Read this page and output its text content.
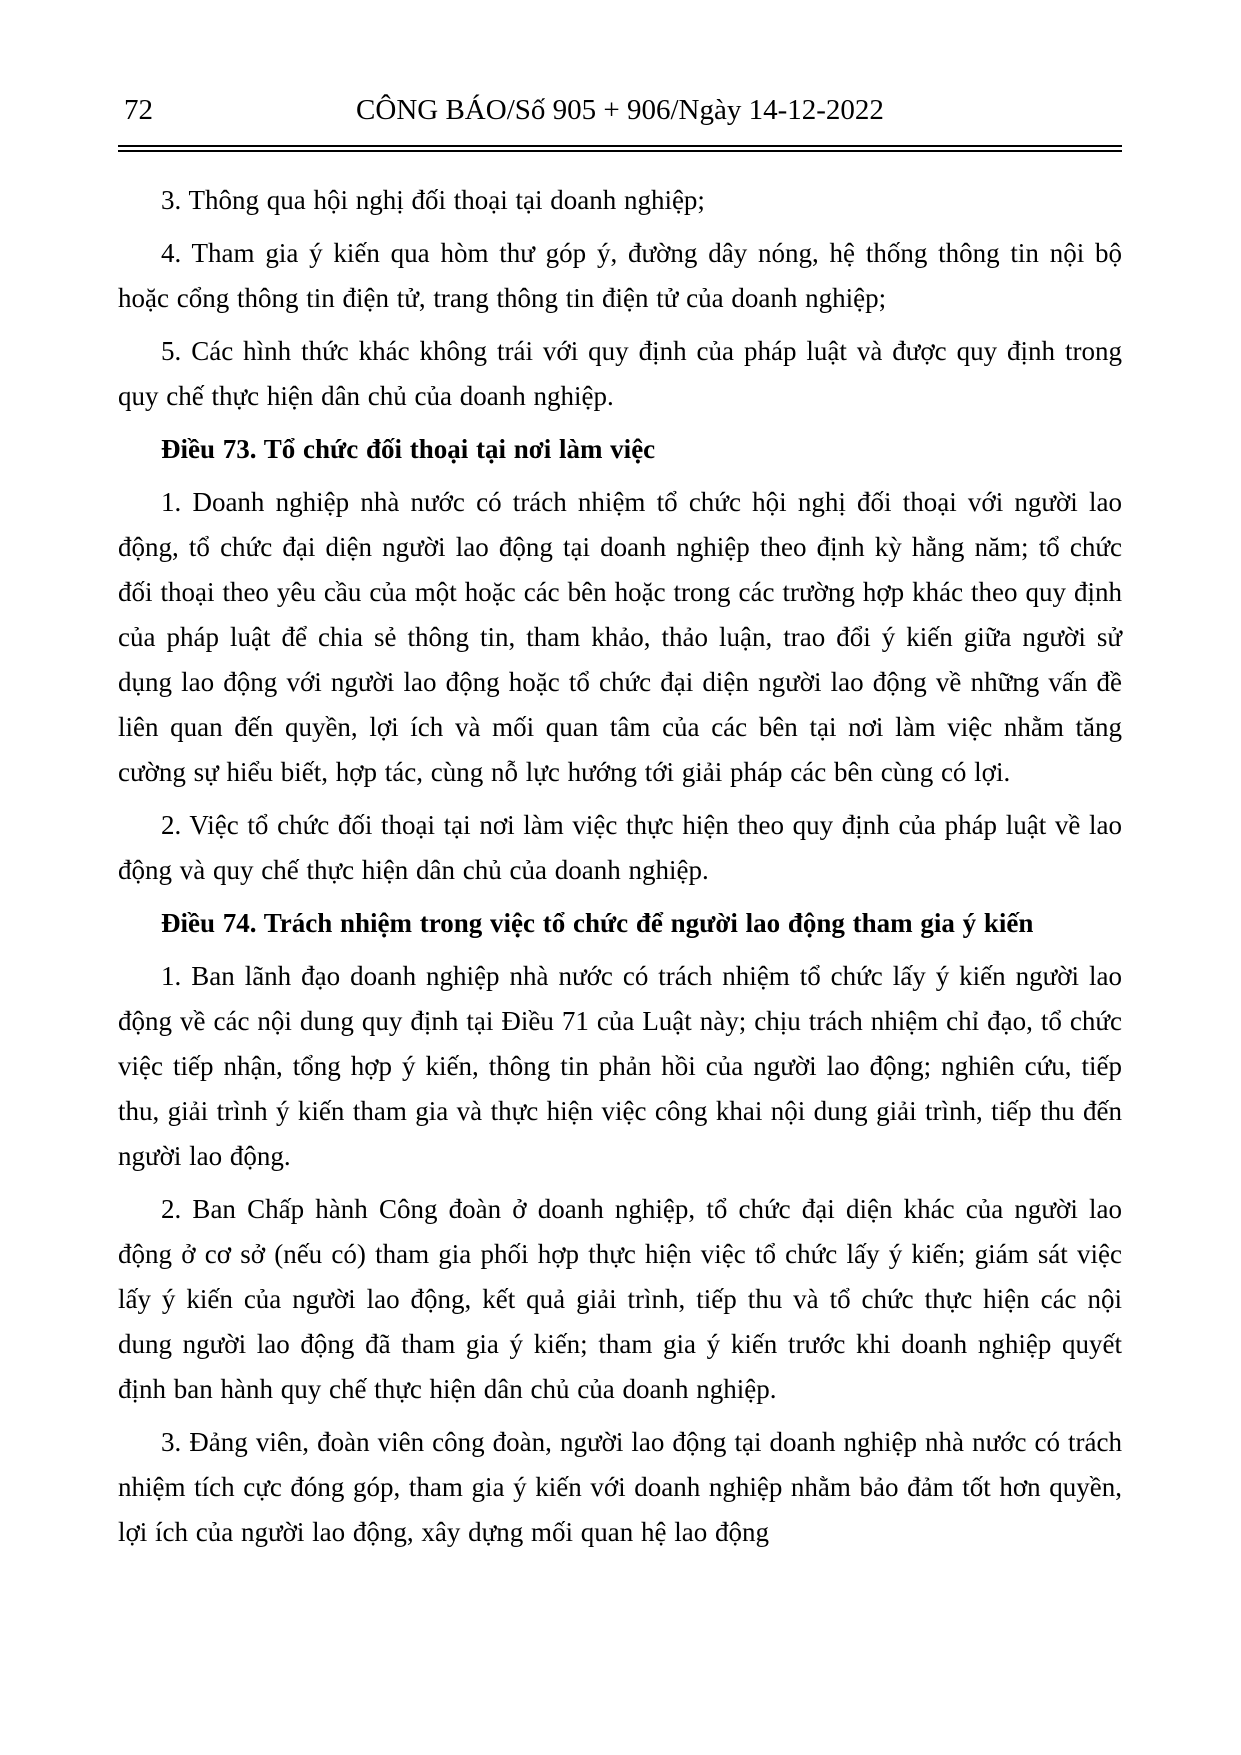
72	CÔNG BÁO/Số 905 + 906/Ngày 14-12-2022

3. Thông qua hội nghị đối thoại tại doanh nghiệp;

4. Tham gia ý kiến qua hòm thư góp ý, đường dây nóng, hệ thống thông tin nội bộ hoặc cổng thông tin điện tử, trang thông tin điện tử của doanh nghiệp;

5. Các hình thức khác không trái với quy định của pháp luật và được quy định trong quy chế thực hiện dân chủ của doanh nghiệp.

Điều 73. Tổ chức đối thoại tại nơi làm việc

1. Doanh nghiệp nhà nước có trách nhiệm tổ chức hội nghị đối thoại với người lao động, tổ chức đại diện người lao động tại doanh nghiệp theo định kỳ hằng năm; tổ chức đối thoại theo yêu cầu của một hoặc các bên hoặc trong các trường hợp khác theo quy định của pháp luật để chia sẻ thông tin, tham khảo, thảo luận, trao đổi ý kiến giữa người sử dụng lao động với người lao động hoặc tổ chức đại diện người lao động về những vấn đề liên quan đến quyền, lợi ích và mối quan tâm của các bên tại nơi làm việc nhằm tăng cường sự hiểu biết, hợp tác, cùng nỗ lực hướng tới giải pháp các bên cùng có lợi.

2. Việc tổ chức đối thoại tại nơi làm việc thực hiện theo quy định của pháp luật về lao động và quy chế thực hiện dân chủ của doanh nghiệp.

Điều 74. Trách nhiệm trong việc tổ chức để người lao động tham gia ý kiến

1. Ban lãnh đạo doanh nghiệp nhà nước có trách nhiệm tổ chức lấy ý kiến người lao động về các nội dung quy định tại Điều 71 của Luật này; chịu trách nhiệm chỉ đạo, tổ chức việc tiếp nhận, tổng hợp ý kiến, thông tin phản hồi của người lao động; nghiên cứu, tiếp thu, giải trình ý kiến tham gia và thực hiện việc công khai nội dung giải trình, tiếp thu đến người lao động.

2. Ban Chấp hành Công đoàn ở doanh nghiệp, tổ chức đại diện khác của người lao động ở cơ sở (nếu có) tham gia phối hợp thực hiện việc tổ chức lấy ý kiến; giám sát việc lấy ý kiến của người lao động, kết quả giải trình, tiếp thu và tổ chức thực hiện các nội dung người lao động đã tham gia ý kiến; tham gia ý kiến trước khi doanh nghiệp quyết định ban hành quy chế thực hiện dân chủ của doanh nghiệp.

3. Đảng viên, đoàn viên công đoàn, người lao động tại doanh nghiệp nhà nước có trách nhiệm tích cực đóng góp, tham gia ý kiến với doanh nghiệp nhằm bảo đảm tốt hơn quyền, lợi ích của người lao động, xây dựng mối quan hệ lao động
